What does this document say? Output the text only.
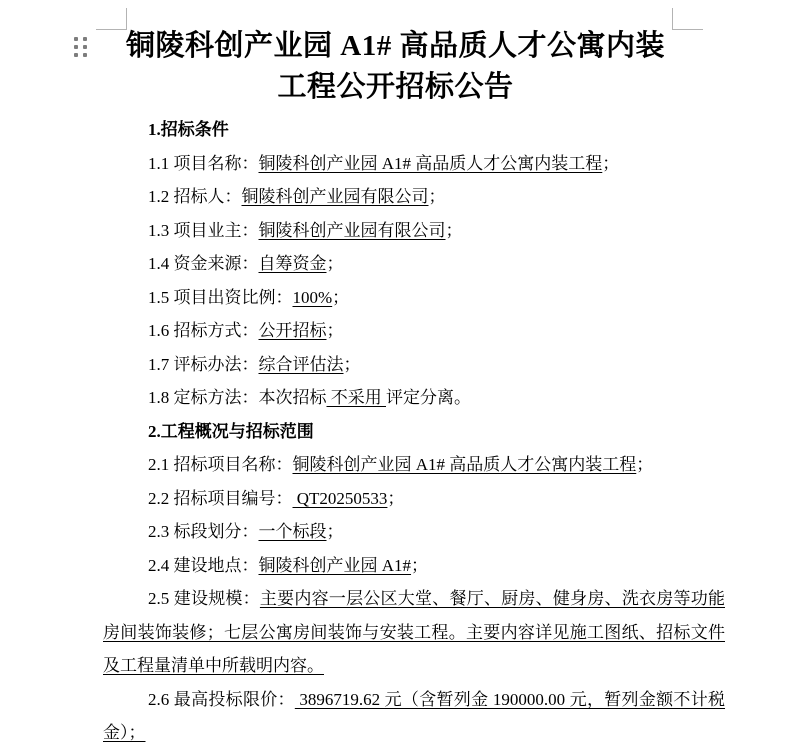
铜陵科创产业园 A1# 高品质人才公寓内装
工程公开招标公告

1.招标条件

1.1 项目名称：铜陵科创产业园 A1# 高品质人才公寓内装工程；

1.2 招标人：铜陵科创产业园有限公司；

1.3 项目业主：铜陵科创产业园有限公司；

1.4 资金来源：自筹资金；

1.5 项目出资比例：100%；

1.6 招标方式：公开招标；

1.7 评标办法：综合评估法；

1.8 定标方法：本次招标 不采用 评定分离。

2.工程概况与招标范围

2.1 招标项目名称：铜陵科创产业园 A1# 高品质人才公寓内装工程；

2.2 招标项目编号： QT20250533；

2.3 标段划分：一个标段；

2.4 建设地点：铜陵科创产业园 A1#；

2.5 建设规模：主要内容一层公区大堂、餐厅、厨房、健身房、洗衣房等功能房间装饰装修；七层公寓房间装饰与安装工程。主要内容详见施工图纸、招标文件及工程量清单中所载明内容。

2.6 最高投标限价： 3896719.62 元（含暂列金 190000.00 元，暂列金额不计税金）；
